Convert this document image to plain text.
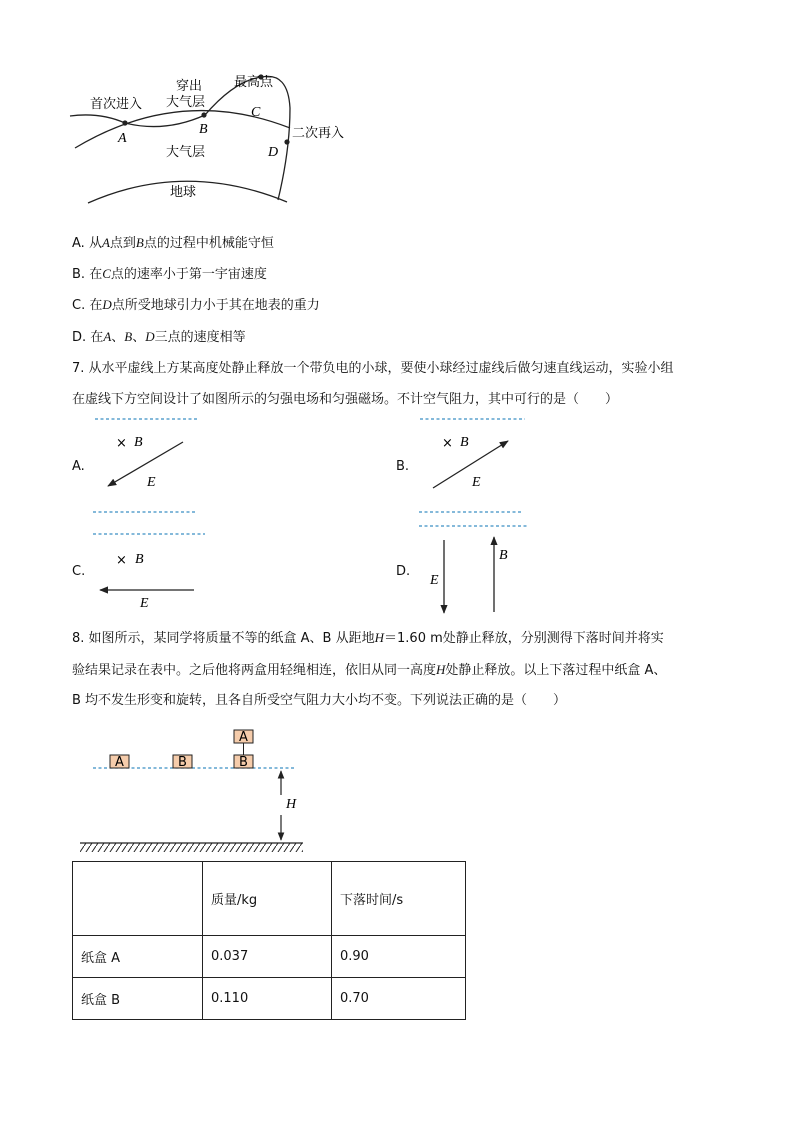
首次进入
穿出
大气层
最高点
二次再入
大气层
地球
A
B
C
D
A. 从A点到B点的过程中机械能守恒
B. 在C点的速率小于第一宇宙速度
C. 在D点所受地球引力小于其在地表的重力
D. 在A、B、D三点的速度相等
7. 从水平虚线上方某高度处静止释放一个带负电的小球，要使小球经过虚线后做匀速直线运动，实验小组
在虚线下方空间设计了如图所示的匀强电场和匀强磁场。不计空气阻力，其中可行的是（　　）
A.	B.
C.	D.
× B
E
× B
E
× B
E
E
B
8. 如图所示，某同学将质量不等的纸盒 A、B 从距地H＝1.60 m处静止释放，分别测得下落时间并将实
验结果记录在表中。之后他将两盒用轻绳相连，依旧从同一高度H处静止释放。以上下落过程中纸盒 A、
B 均不发生形变和旋转，且各自所受空气阻力大小均不变。下列说法正确的是（　　）
A	B	B
A
H
	质量/kg	下落时间/s
纸盒 A	0.037	0.90
纸盒 B	0.110	0.70
